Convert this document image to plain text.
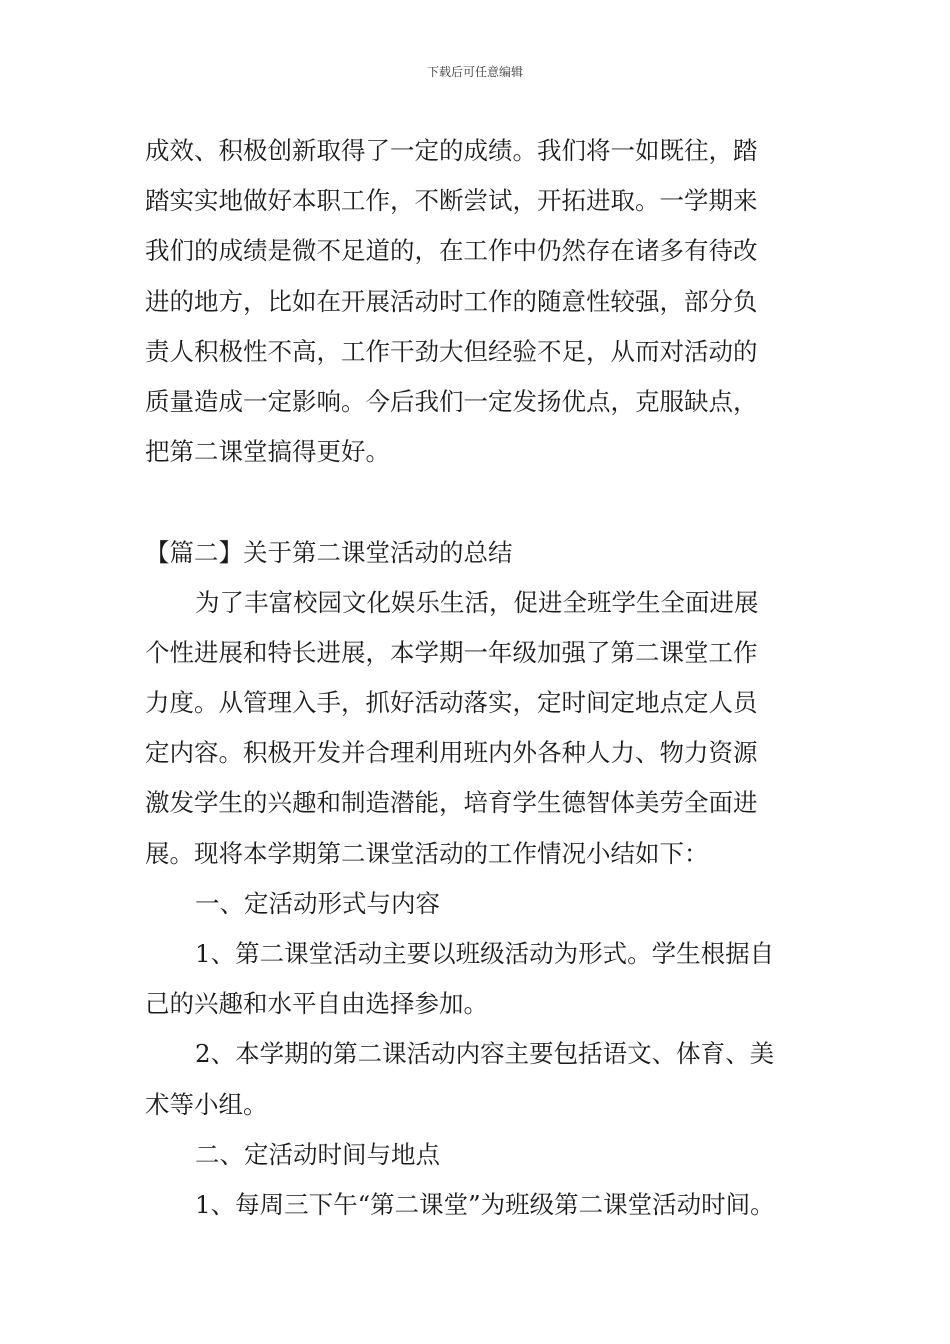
下载后可任意编辑
成效、积极创新取得了一定的成绩。我们将一如既往，踏
踏实实地做好本职工作，不断尝试，开拓进取。一学期来
我们的成绩是微不足道的，在工作中仍然存在诸多有待改
进的地方，比如在开展活动时工作的随意性较强，部分负
责人积极性不高，工作干劲大但经验不足，从而对活动的
质量造成一定影响。今后我们一定发扬优点，克服缺点，
把第二课堂搞得更好。
【篇二】关于第二课堂活动的总结
为了丰富校园文化娱乐生活，促进全班学生全面进展
个性进展和特长进展，本学期一年级加强了第二课堂工作
力度。从管理入手，抓好活动落实，定时间定地点定人员
定内容。积极开发并合理利用班内外各种人力、物力资源
激发学生的兴趣和制造潜能，培育学生德智体美劳全面进
展。现将本学期第二课堂活动的工作情况小结如下：
一、定活动形式与内容
1、第二课堂活动主要以班级活动为形式。学生根据自
己的兴趣和水平自由选择参加。
2、本学期的第二课活动内容主要包括语文、体育、美
术等小组。
二、定活动时间与地点
1、每周三下午“第二课堂”为班级第二课堂活动时间。
